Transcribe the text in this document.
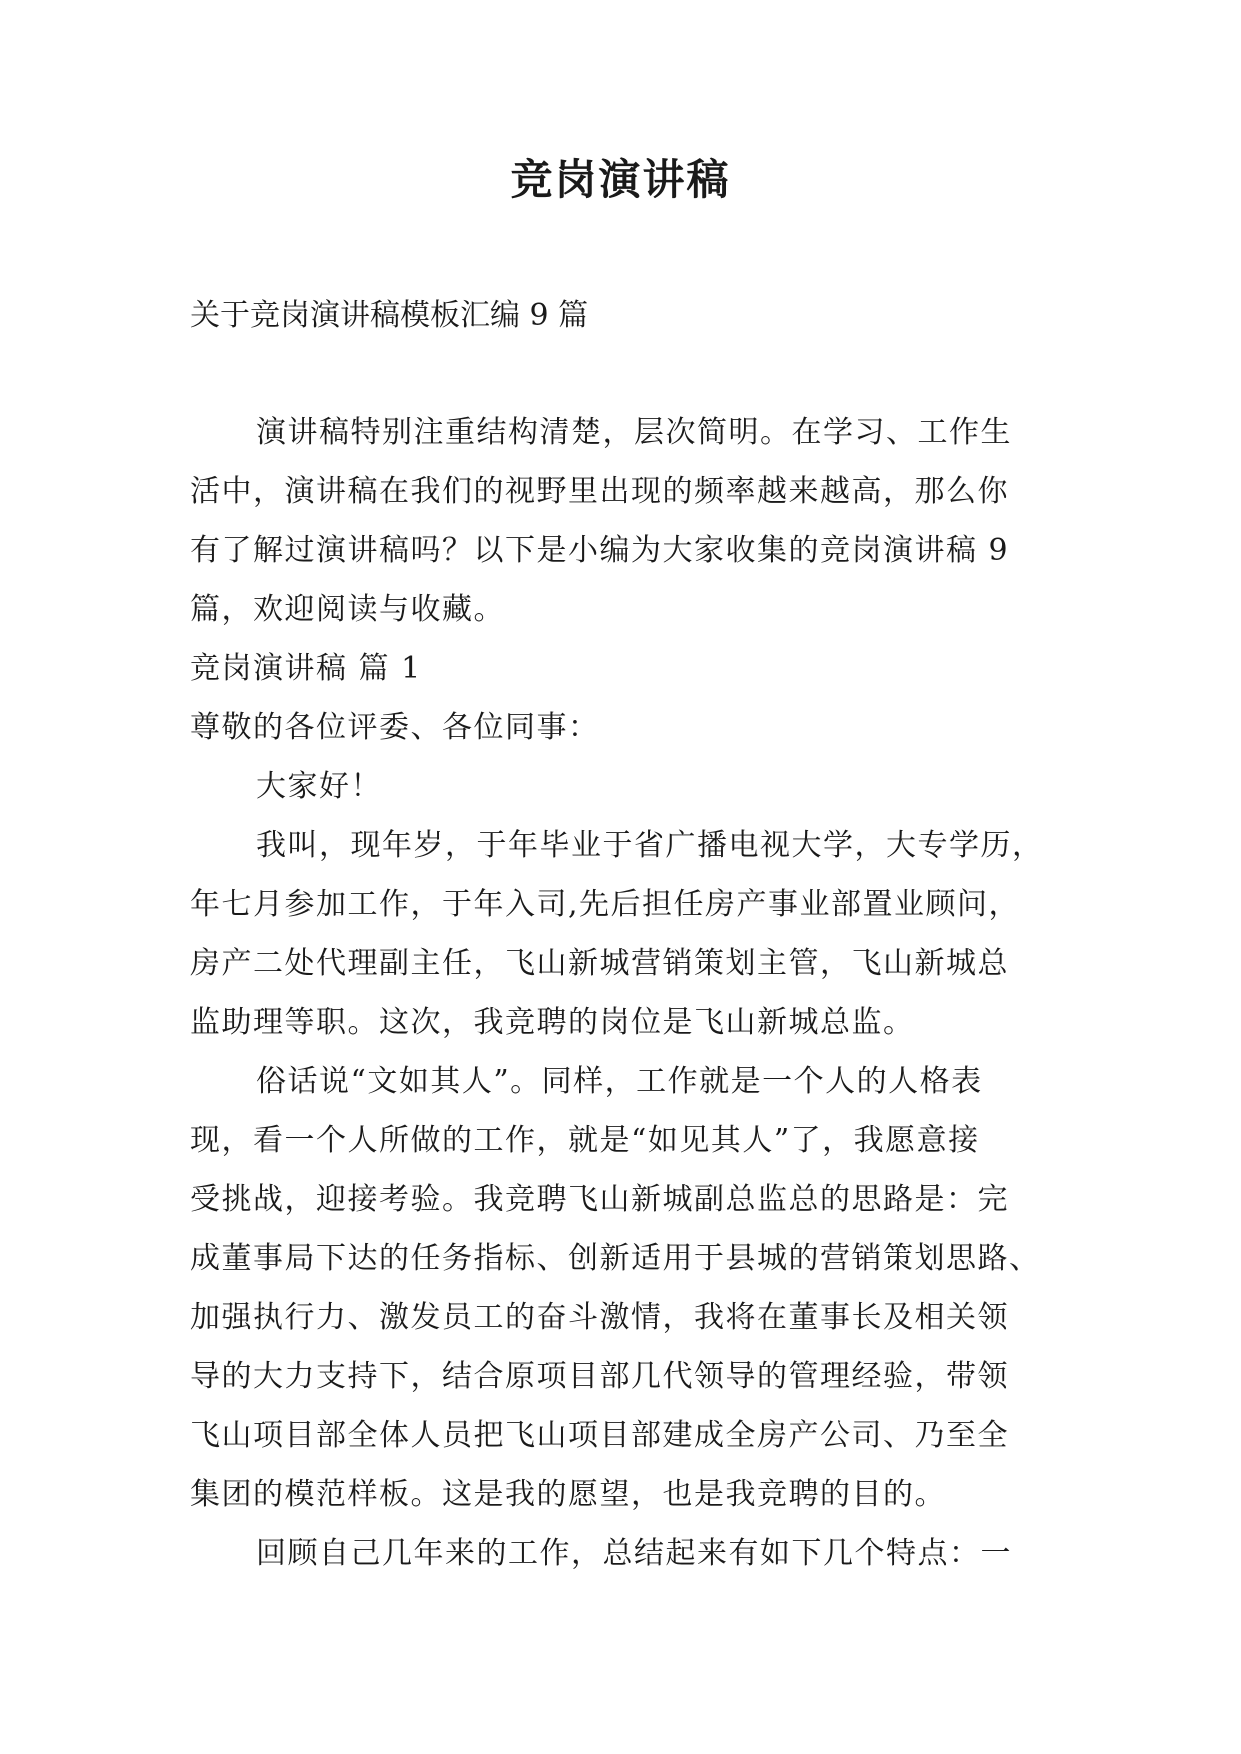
竞岗演讲稿
关于竞岗演讲稿模板汇编 9 篇
演讲稿特别注重结构清楚，层次简明。在学习、工作生
活中，演讲稿在我们的视野里出现的频率越来越高，那么你
有了解过演讲稿吗？以下是小编为大家收集的竞岗演讲稿 9
篇，欢迎阅读与收藏。
竞岗演讲稿 篇 1
尊敬的各位评委、各位同事：
大家好！
我叫，现年岁，于年毕业于省广播电视大学，大专学历，
年七月参加工作，于年入司,先后担任房产事业部置业顾问，
房产二处代理副主任，飞山新城营销策划主管，飞山新城总
监助理等职。这次，我竞聘的岗位是飞山新城总监。
俗话说“文如其人”。同样，工作就是一个人的人格表
现，看一个人所做的工作，就是“如见其人”了，我愿意接
受挑战，迎接考验。我竞聘飞山新城副总监总的思路是：完
成董事局下达的任务指标、创新适用于县城的营销策划思路、
加强执行力、激发员工的奋斗激情，我将在董事长及相关领
导的大力支持下，结合原项目部几代领导的管理经验，带领
飞山项目部全体人员把飞山项目部建成全房产公司、乃至全
集团的模范样板。这是我的愿望，也是我竞聘的目的。
回顾自己几年来的工作，总结起来有如下几个特点：一
